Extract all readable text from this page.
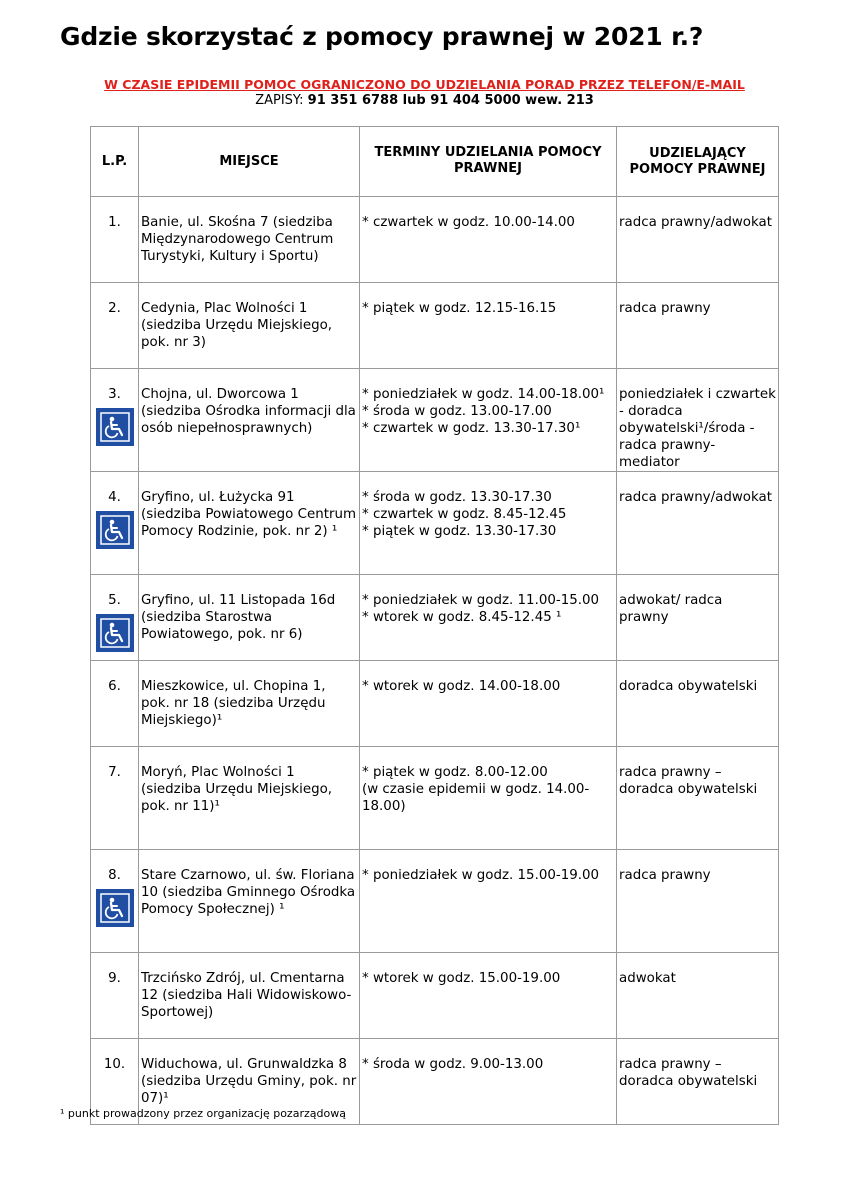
Gdzie skorzystać z pomocy prawnej w 2021 r.?
W CZASIE EPIDEMII POMOC OGRANICZONO DO UDZIELANIA PORAD PRZEZ TELEFON/E-MAIL
ZAPISY: 91 351 6788 lub 91 404 5000 wew. 213
L.P.	MIEJSCE	TERMINY UDZIELANIA POMOCY PRAWNEJ	UDZIELAJĄCY POMOCY PRAWNEJ

1.	Banie, ul. Skośna 7 (siedziba Międzynarodowego Centrum Turystyki, Kultury i Sportu)	* czwartek w godz. 10.00-14.00	radca prawny/adwokat

2.	Cedynia, Plac Wolności 1 (siedziba Urzędu Miejskiego, pok. nr 3)	* piątek w godz. 12.15-16.15	radca prawny

3.	Chojna, ul. Dworcowa 1 (siedziba Ośrodka informacji dla osób niepełnosprawnych)	* poniedziałek w godz. 14.00-18.00¹
* środa w godz. 13.00-17.00
* czwartek w godz. 13.30-17.30¹	poniedziałek i czwartek - doradca obywatelski¹/środa - radca prawny- mediator

4.	Gryfino, ul. Łużycka 91 (siedziba Powiatowego Centrum Pomocy Rodzinie, pok. nr 2) ¹	* środa w godz. 13.30-17.30
* czwartek w godz. 8.45-12.45
* piątek w godz. 13.30-17.30	radca prawny/adwokat

5.	Gryfino, ul. 11 Listopada 16d (siedziba Starostwa Powiatowego, pok. nr 6)	* poniedziałek w godz. 11.00-15.00
* wtorek w godz. 8.45-12.45 ¹	adwokat/ radca prawny

6.	Mieszkowice, ul. Chopina 1, pok. nr 18 (siedziba Urzędu Miejskiego)¹	* wtorek w godz. 14.00-18.00	doradca obywatelski

7.	Moryń, Plac Wolności 1 (siedziba Urzędu Miejskiego, pok. nr 11)¹	* piątek w godz. 8.00-12.00
(w czasie epidemii w godz. 14.00-18.00)	radca prawny – doradca obywatelski

8.	Stare Czarnowo, ul. św. Floriana 10 (siedziba Gminnego Ośrodka Pomocy Społecznej) ¹	* poniedziałek w godz. 15.00-19.00	radca prawny

9.	Trzcińsko Zdrój, ul. Cmentarna 12 (siedziba Hali Widowiskowo-Sportowej)	* wtorek w godz. 15.00-19.00	adwokat

10.	Widuchowa, ul. Grunwaldzka 8 (siedziba Urzędu Gminy, pok. nr 07)¹	* środa w godz. 9.00-13.00	radca prawny – doradca obywatelski
¹ punkt prowadzony przez organizację pozarządową
